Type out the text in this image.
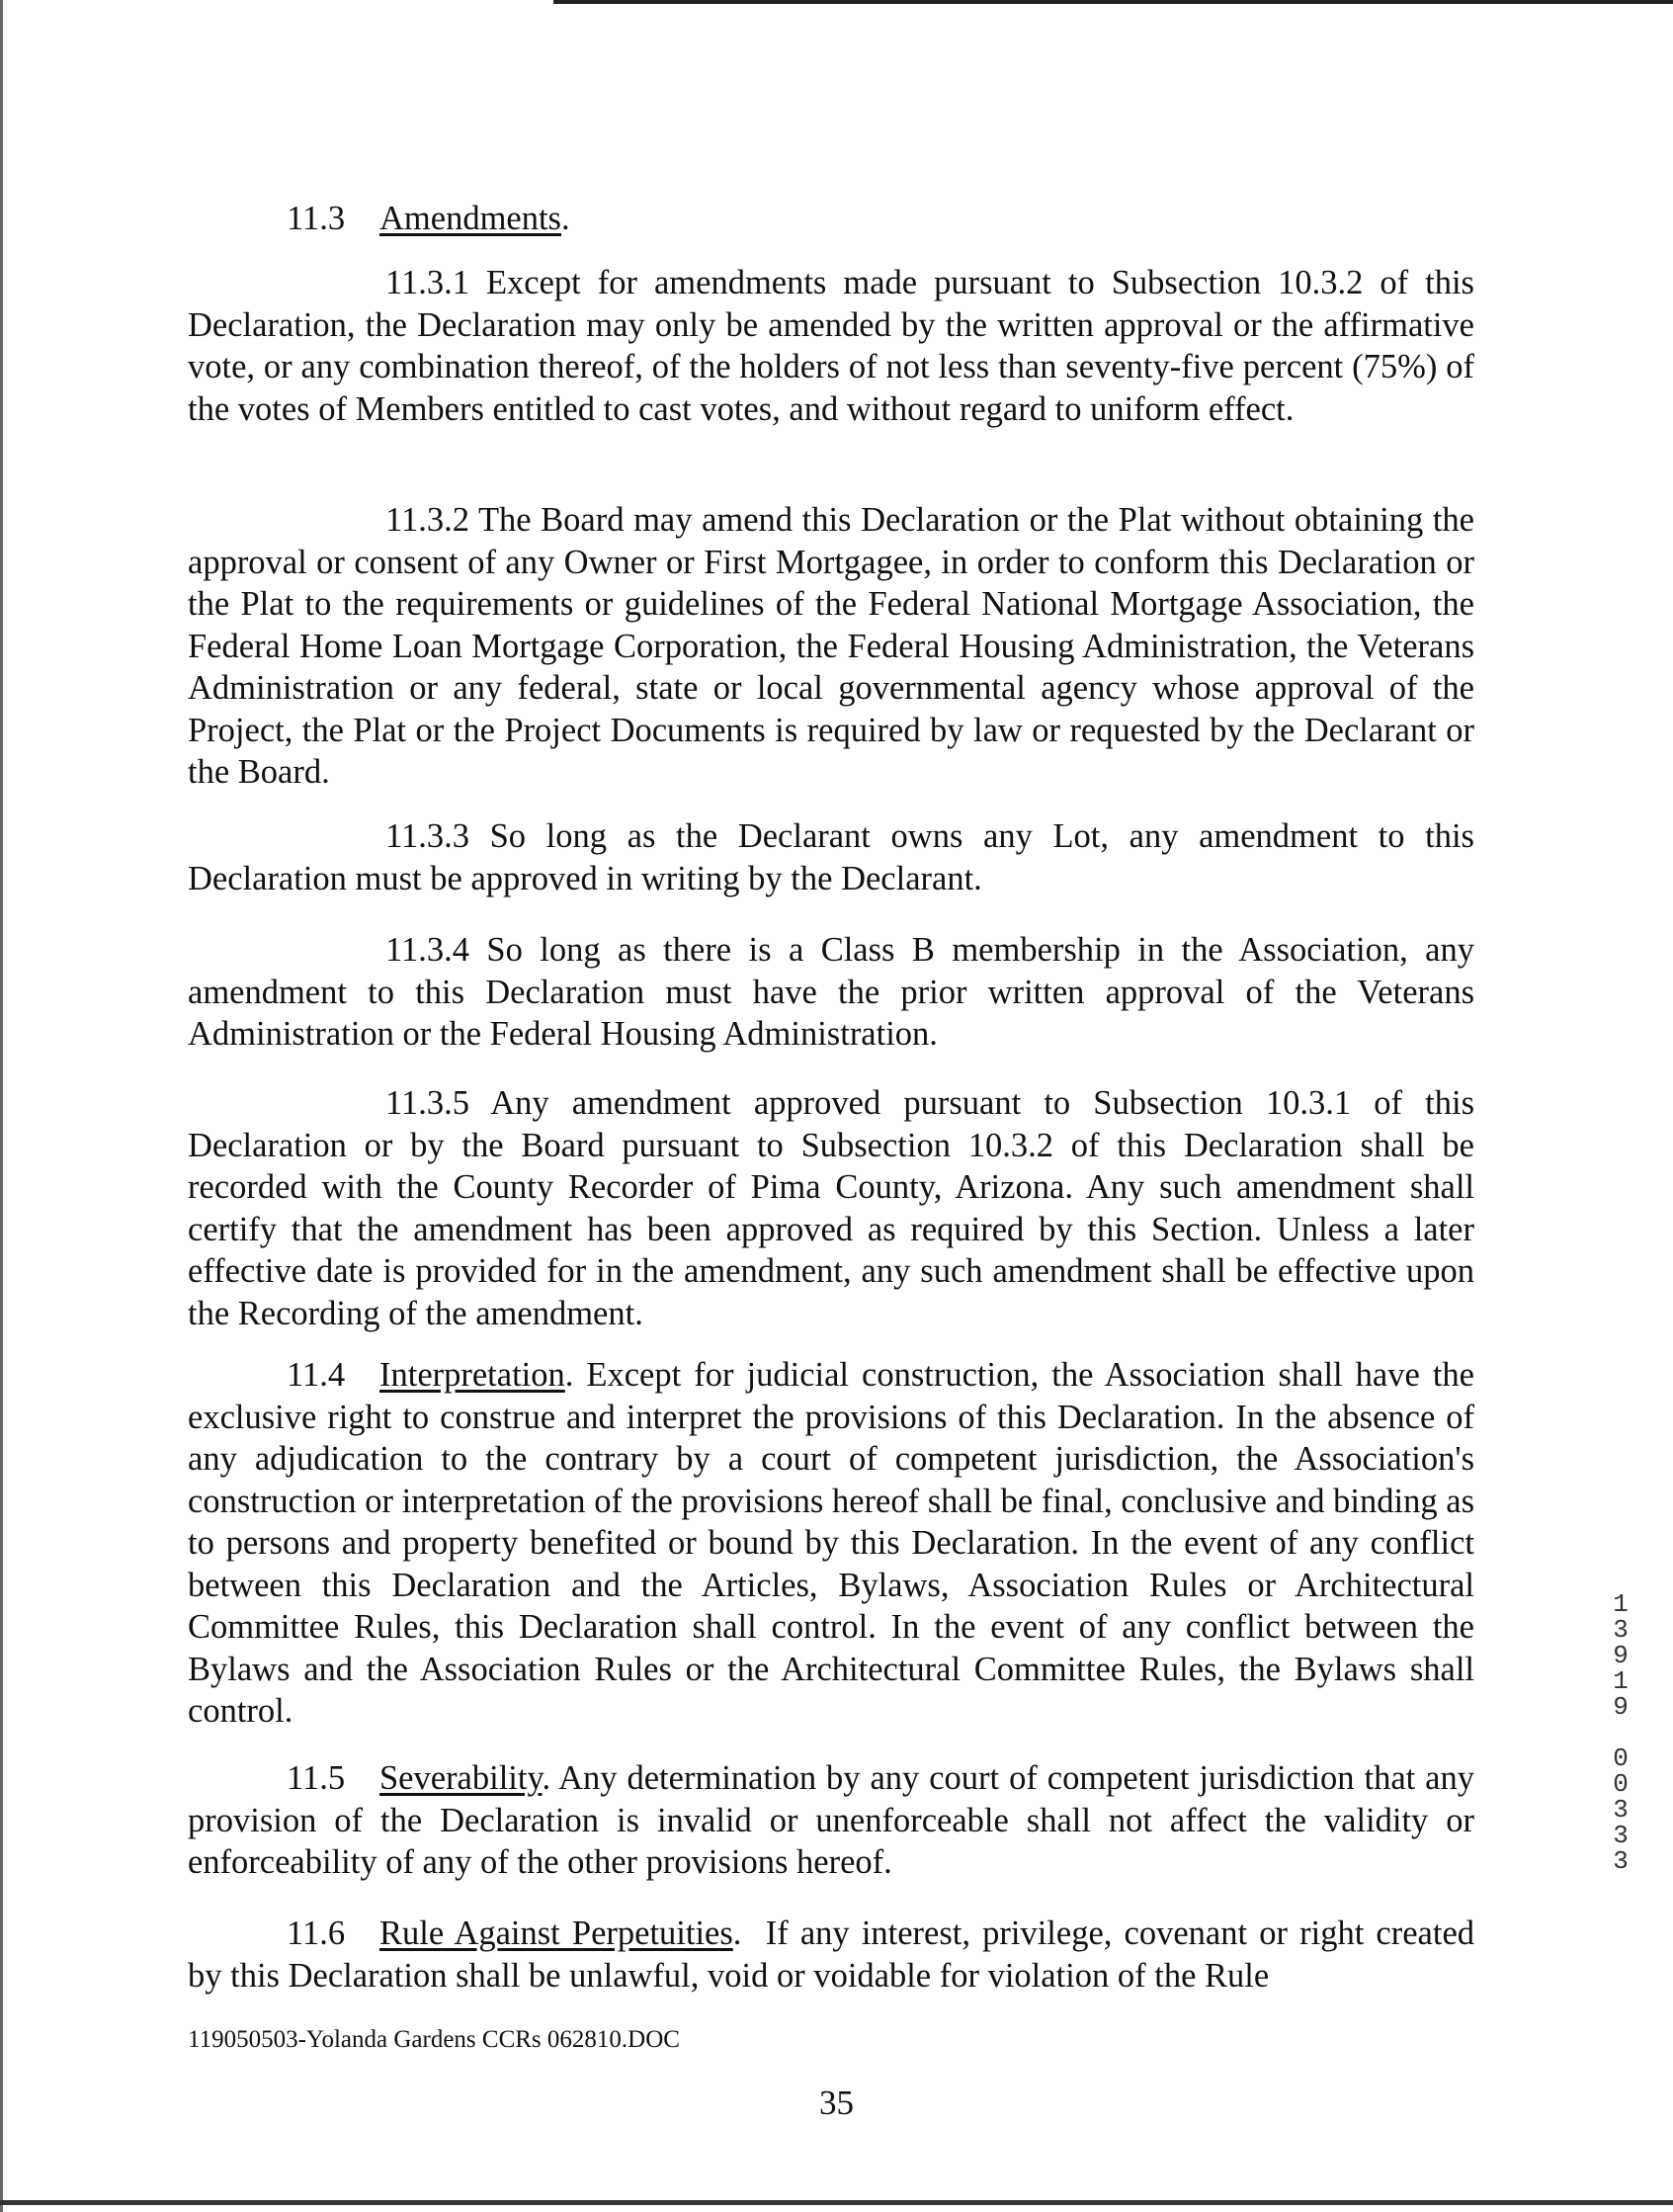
11.3 Amendments.
11.3.1 Except for amendments made pursuant to Subsection 10.3.2 of this Declaration, the Declaration may only be amended by the written approval or the affirmative vote, or any combination thereof, of the holders of not less than seventy-five percent (75%) of the votes of Members entitled to cast votes, and without regard to uniform effect.
11.3.2 The Board may amend this Declaration or the Plat without obtaining the approval or consent of any Owner or First Mortgagee, in order to conform this Declaration or the Plat to the requirements or guidelines of the Federal National Mortgage Association, the Federal Home Loan Mortgage Corporation, the Federal Housing Administration, the Veterans Administration or any federal, state or local governmental agency whose approval of the Project, the Plat or the Project Documents is required by law or requested by the Declarant or the Board.
11.3.3 So long as the Declarant owns any Lot, any amendment to this Declaration must be approved in writing by the Declarant.
11.3.4 So long as there is a Class B membership in the Association, any amendment to this Declaration must have the prior written approval of the Veterans Administration or the Federal Housing Administration.
11.3.5 Any amendment approved pursuant to Subsection 10.3.1 of this Declaration or by the Board pursuant to Subsection 10.3.2 of this Declaration shall be recorded with the County Recorder of Pima County, Arizona. Any such amendment shall certify that the amendment has been approved as required by this Section. Unless a later effective date is provided for in the amendment, any such amendment shall be effective upon the Recording of the amendment.
11.4 Interpretation. Except for judicial construction, the Association shall have the exclusive right to construe and interpret the provisions of this Declaration. In the absence of any adjudication to the contrary by a court of competent jurisdiction, the Association's construction or interpretation of the provisions hereof shall be final, conclusive and binding as to persons and property benefited or bound by this Declaration. In the event of any conflict between this Declaration and the Articles, Bylaws, Association Rules or Architectural Committee Rules, this Declaration shall control. In the event of any conflict between the Bylaws and the Association Rules or the Architectural Committee Rules, the Bylaws shall control.
11.5 Severability. Any determination by any court of competent jurisdiction that any provision of the Declaration is invalid or unenforceable shall not affect the validity or enforceability of any of the other provisions hereof.
11.6 Rule Against Perpetuities.  If any interest, privilege, covenant or right created by this Declaration shall be unlawful, void or voidable for violation of the Rule
119050503-Yolanda Gardens CCRs 062810.DOC
35
1
3
9
1
9

0
0
3
3
3
